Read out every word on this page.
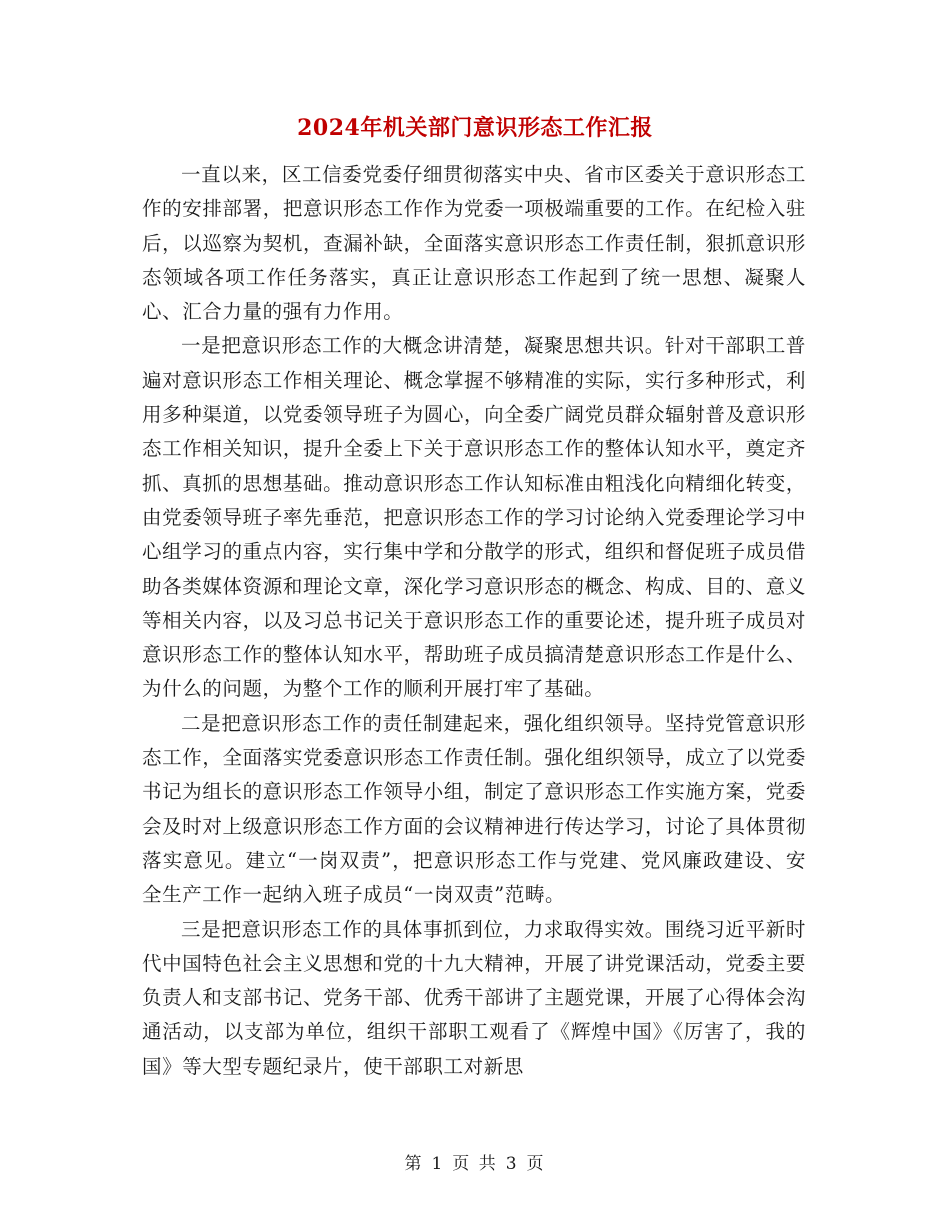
2024年机关部门意识形态工作汇报

一直以来，区工信委党委仔细贯彻落实中央、省市区委关于意识形态工作的安排部署，把意识形态工作作为党委一项极端重要的工作。在纪检入驻后，以巡察为契机，查漏补缺，全面落实意识形态工作责任制，狠抓意识形态领域各项工作任务落实，真正让意识形态工作起到了统一思想、凝聚人心、汇合力量的强有力作用。

一是把意识形态工作的大概念讲清楚，凝聚思想共识。针对干部职工普遍对意识形态工作相关理论、概念掌握不够精准的实际，实行多种形式，利用多种渠道，以党委领导班子为圆心，向全委广阔党员群众辐射普及意识形态工作相关知识，提升全委上下关于意识形态工作的整体认知水平，奠定齐抓、真抓的思想基础。推动意识形态工作认知标准由粗浅化向精细化转变，由党委领导班子率先垂范，把意识形态工作的学习讨论纳入党委理论学习中心组学习的重点内容，实行集中学和分散学的形式，组织和督促班子成员借助各类媒体资源和理论文章，深化学习意识形态的概念、构成、目的、意义等相关内容，以及习总书记关于意识形态工作的重要论述，提升班子成员对意识形态工作的整体认知水平，帮助班子成员搞清楚意识形态工作是什么、为什么的问题，为整个工作的顺利开展打牢了基础。

二是把意识形态工作的责任制建起来，强化组织领导。坚持党管意识形态工作，全面落实党委意识形态工作责任制。强化组织领导，成立了以党委书记为组长的意识形态工作领导小组，制定了意识形态工作实施方案，党委会及时对上级意识形态工作方面的会议精神进行传达学习，讨论了具体贯彻落实意见。建立“一岗双责”，把意识形态工作与党建、党风廉政建设、安全生产工作一起纳入班子成员“一岗双责”范畴。

三是把意识形态工作的具体事抓到位，力求取得实效。围绕习近平新时代中国特色社会主义思想和党的十九大精神，开展了讲党课活动，党委主要负责人和支部书记、党务干部、优秀干部讲了主题党课，开展了心得体会沟通活动，以支部为单位，组织干部职工观看了《辉煌中国》《厉害了，我的国》等大型专题纪录片，使干部职工对新思

第 1 页 共 3 页
